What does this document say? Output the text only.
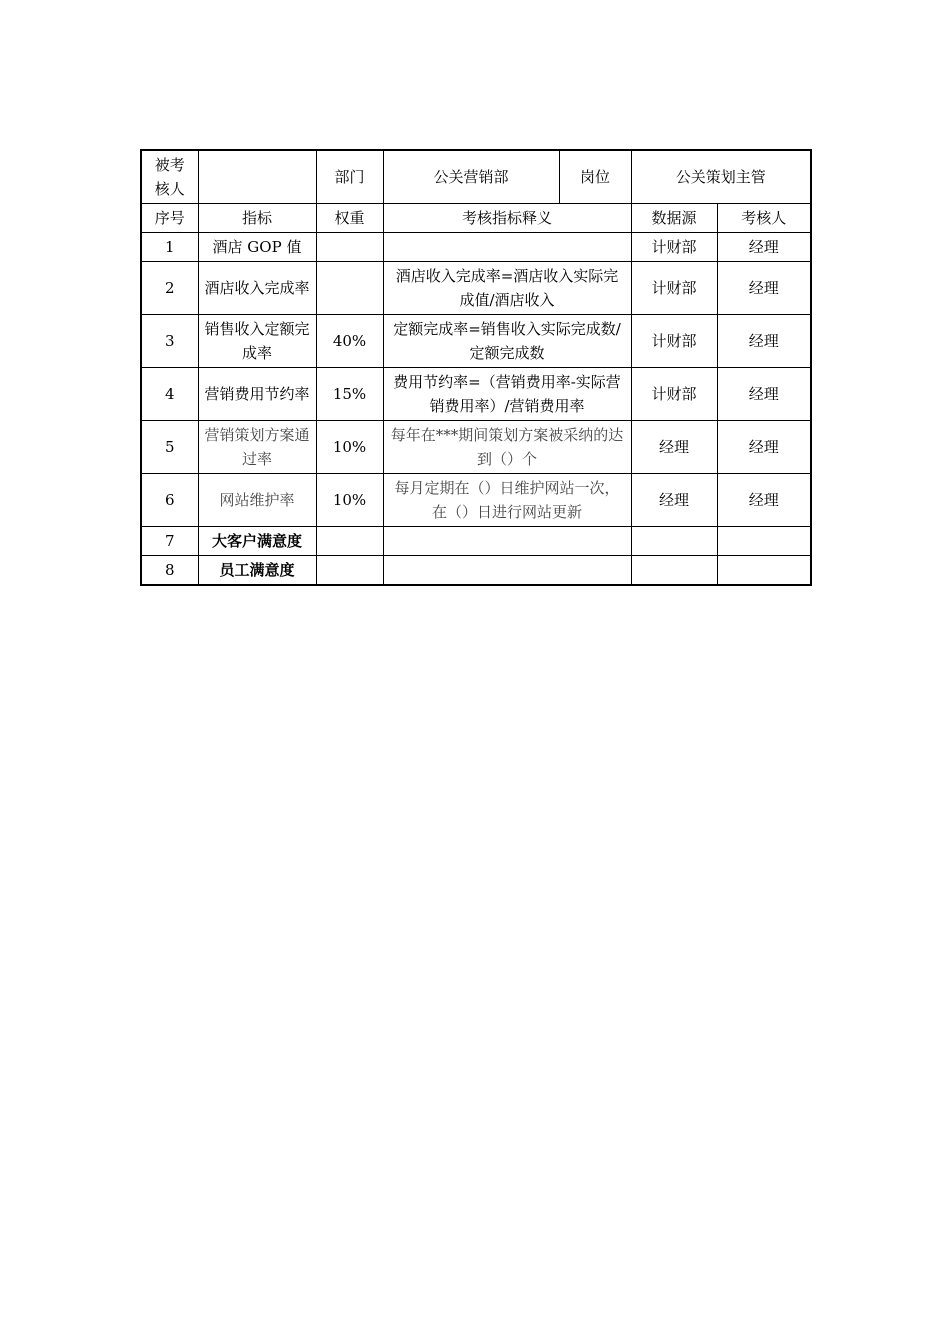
被考核人		部门	公关营销部	岗位	公关策划主管	
序号	指标	权重	考核指标释义		数据源	考核人
1	酒店 GOP 值				计财部	经理
2	酒店收入完成率		酒店收入完成率=酒店收入实际完成值/酒店收入		计财部	经理
3	销售收入定额完成率	40%	定额完成率=销售收入实际完成数/定额完成数		计财部	经理
4	营销费用节约率	15%	费用节约率=（营销费用率-实际营销费用率）/营销费用率		计财部	经理
5	营销策划方案通过率	10%	每年在***期间策划方案被采纳的达到（）个		经理	经理
6	网站维护率	10%	每月定期在（）日维护网站一次，在（）日进行网站更新		经理	经理
7	大客户满意度					
8	员工满意度					
